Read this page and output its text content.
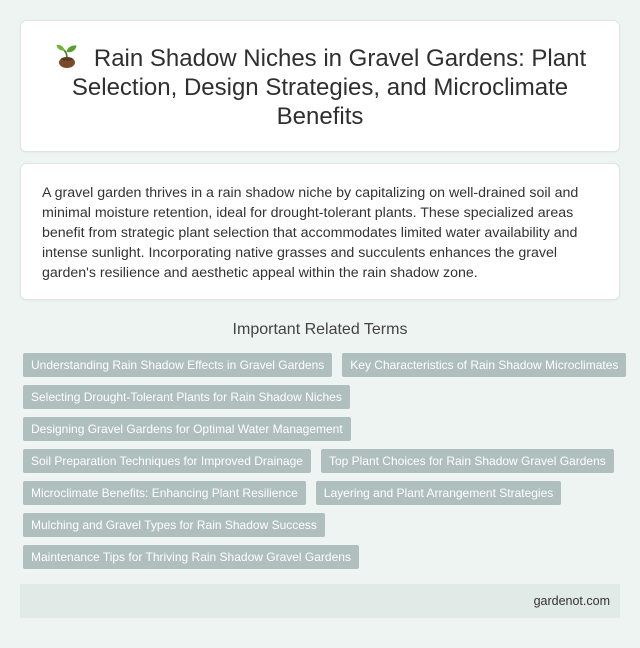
Rain Shadow Niches in Gravel Gardens: Plant Selection, Design Strategies, and Microclimate Benefits

A gravel garden thrives in a rain shadow niche by capitalizing on well-drained soil and minimal moisture retention, ideal for drought-tolerant plants. These specialized areas benefit from strategic plant selection that accommodates limited water availability and intense sunlight. Incorporating native grasses and succulents enhances the gravel garden's resilience and aesthetic appeal within the rain shadow zone.

Important Related Terms
Understanding Rain Shadow Effects in Gravel Gardens	Key Characteristics of Rain Shadow Microclimates
Selecting Drought-Tolerant Plants for Rain Shadow Niches
Designing Gravel Gardens for Optimal Water Management
Soil Preparation Techniques for Improved Drainage	Top Plant Choices for Rain Shadow Gravel Gardens
Microclimate Benefits: Enhancing Plant Resilience	Layering and Plant Arrangement Strategies
Mulching and Gravel Types for Rain Shadow Success
Maintenance Tips for Thriving Rain Shadow Gravel Gardens
gardenot.com
